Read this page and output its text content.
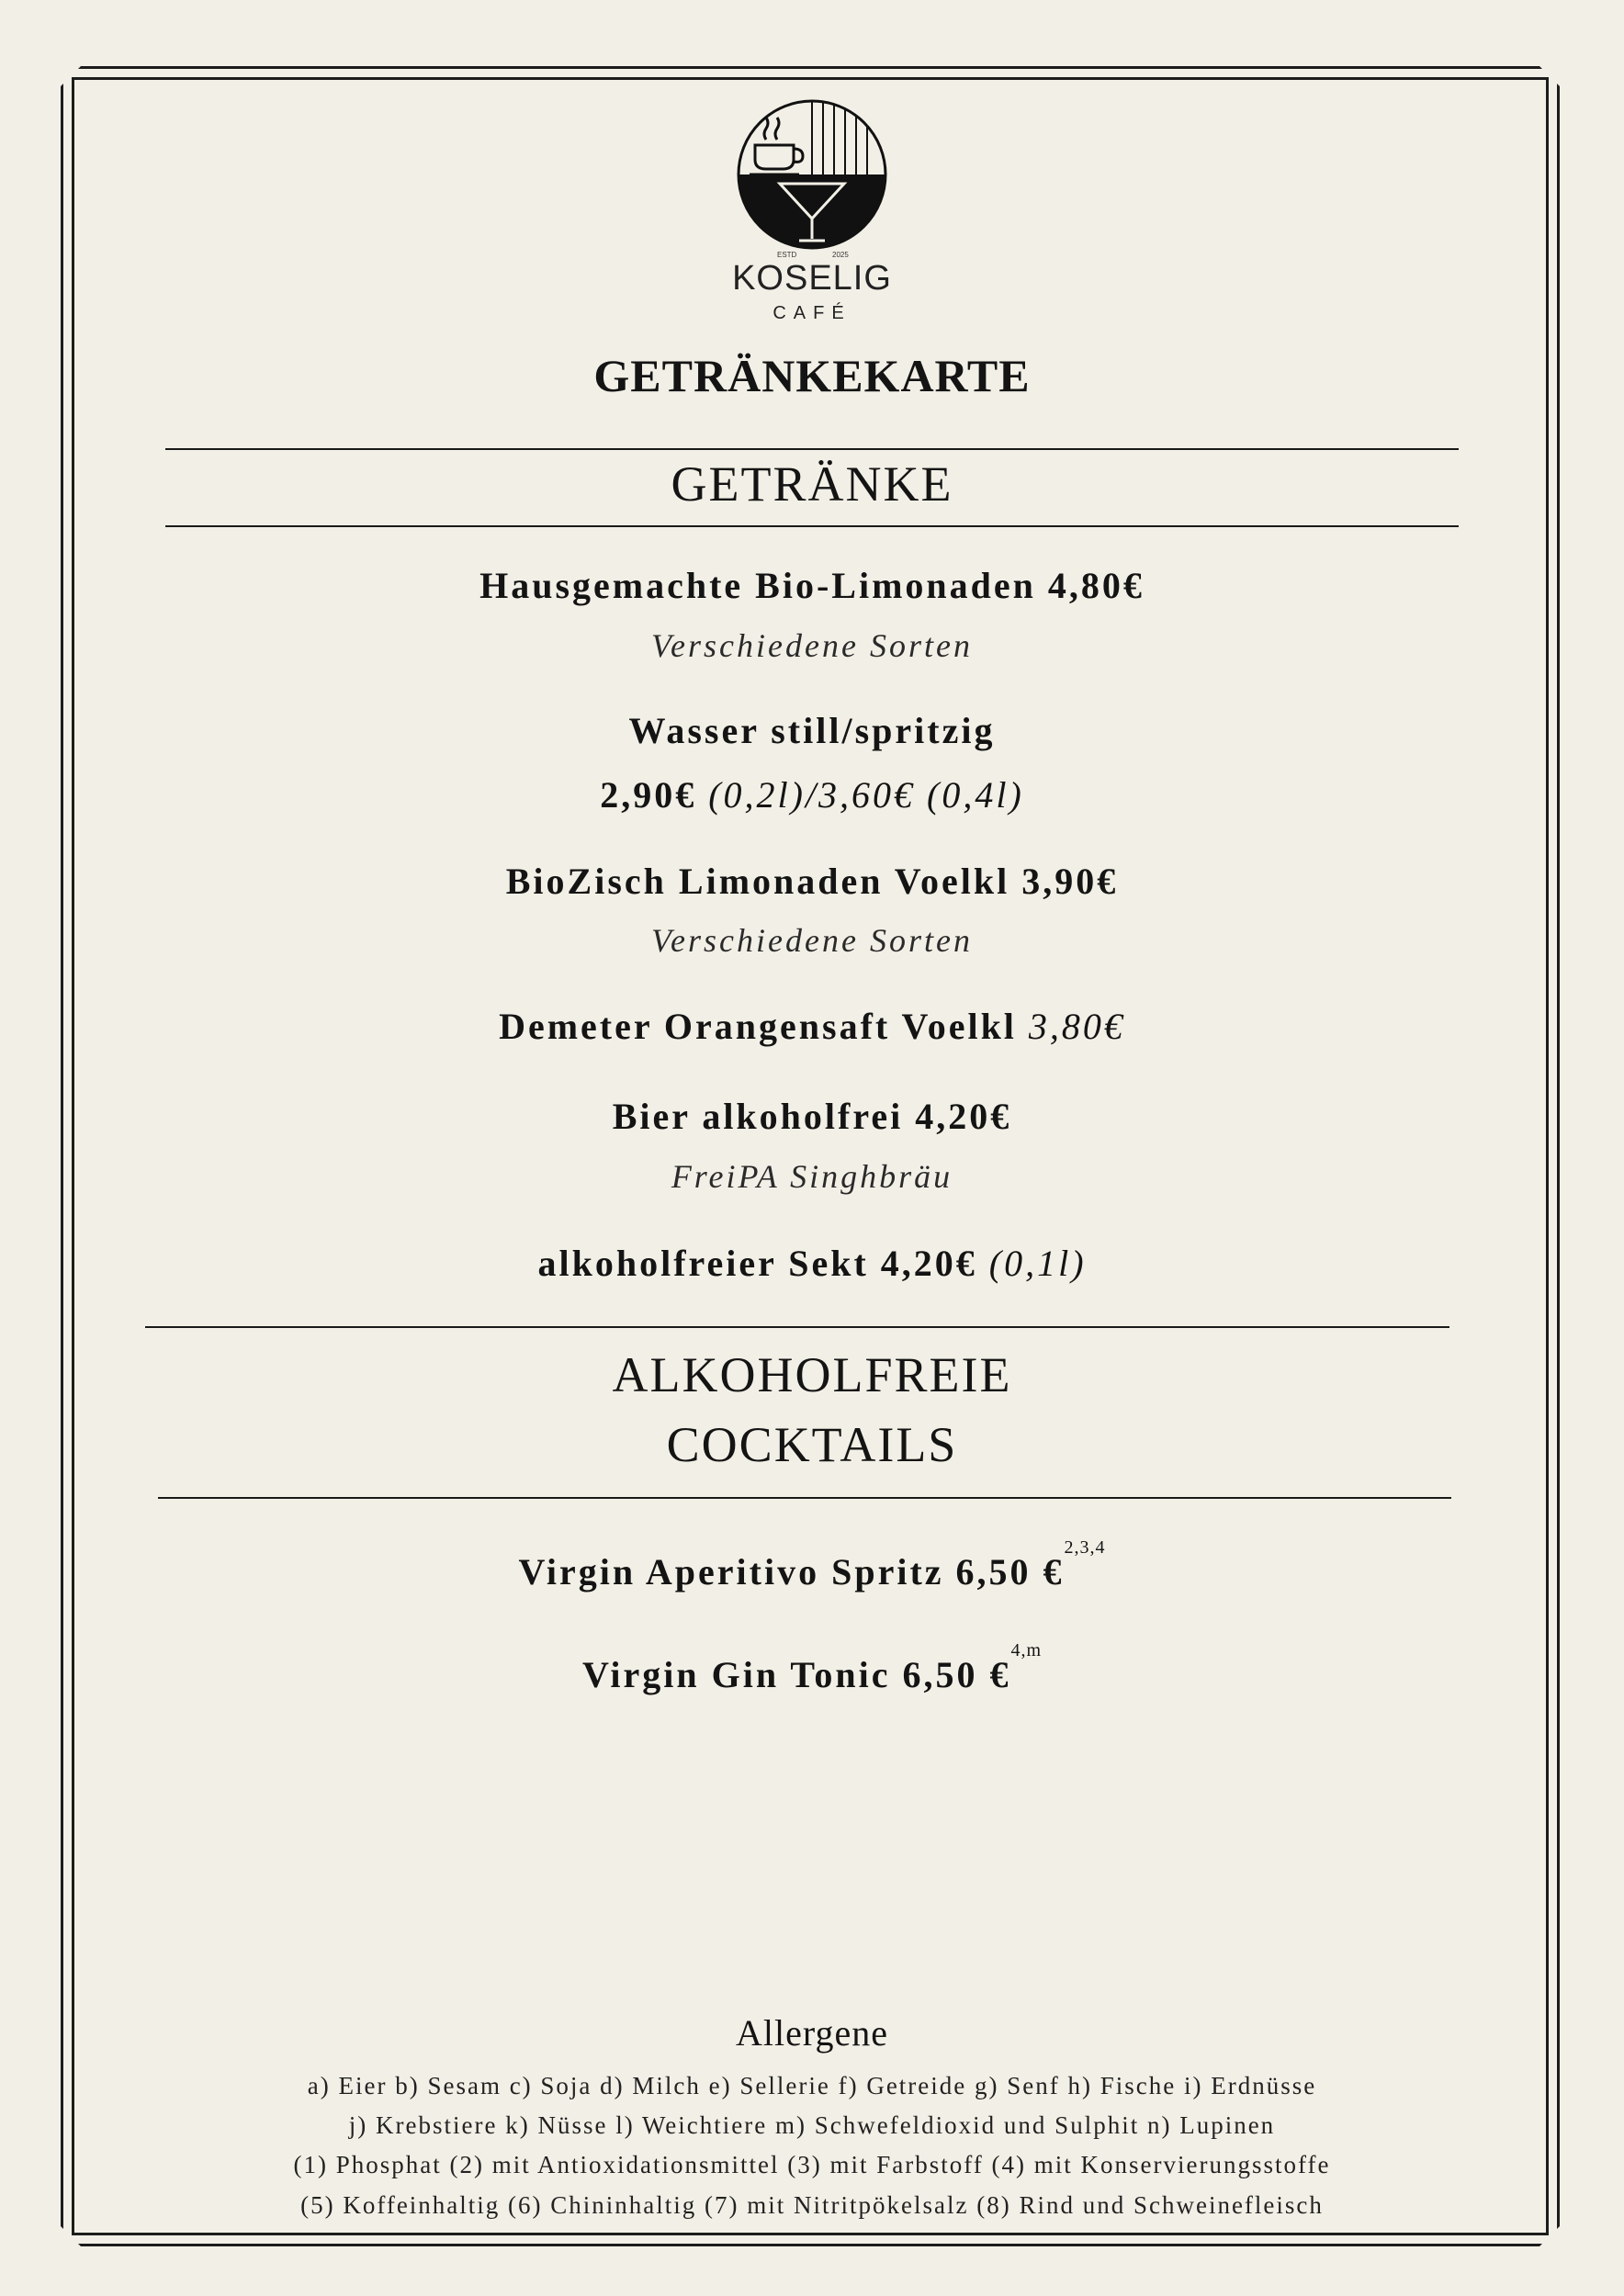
ESTD	2025
KOSELIG
CAFÉ
GETRÄNKEKARTE
GETRÄNKE
Hausgemachte Bio-Limonaden 4,80€
Verschiedene Sorten
Wasser still/spritzig
2,90€ (0,2l)/3,60€ (0,4l)
BioZisch Limonaden Voelkl 3,90€
Verschiedene Sorten
Demeter Orangensaft Voelkl 3,80€
Bier alkoholfrei 4,20€
FreiPA Singhbräu
alkoholfreier Sekt 4,20€ (0,1l)
ALKOHOLFREIE
COCKTAILS
Virgin Aperitivo Spritz 6,50 €$^{2,3,4}$
Virgin Gin Tonic 6,50 €$^{4,m}$
Allergene
a) Eier b) Sesam c) Soja d) Milch e) Sellerie f) Getreide g) Senf h) Fische i) Erdnüsse
j) Krebstiere k) Nüsse l) Weichtiere m) Schwefeldioxid und Sulphit n) Lupinen
(1) Phosphat (2) mit Antioxidationsmittel (3) mit Farbstoff (4) mit Konservierungsstoffe
(5) Koffeinhaltig (6) Chininhaltig (7) mit Nitritpökelsalz (8) Rind und Schweinefleisch
